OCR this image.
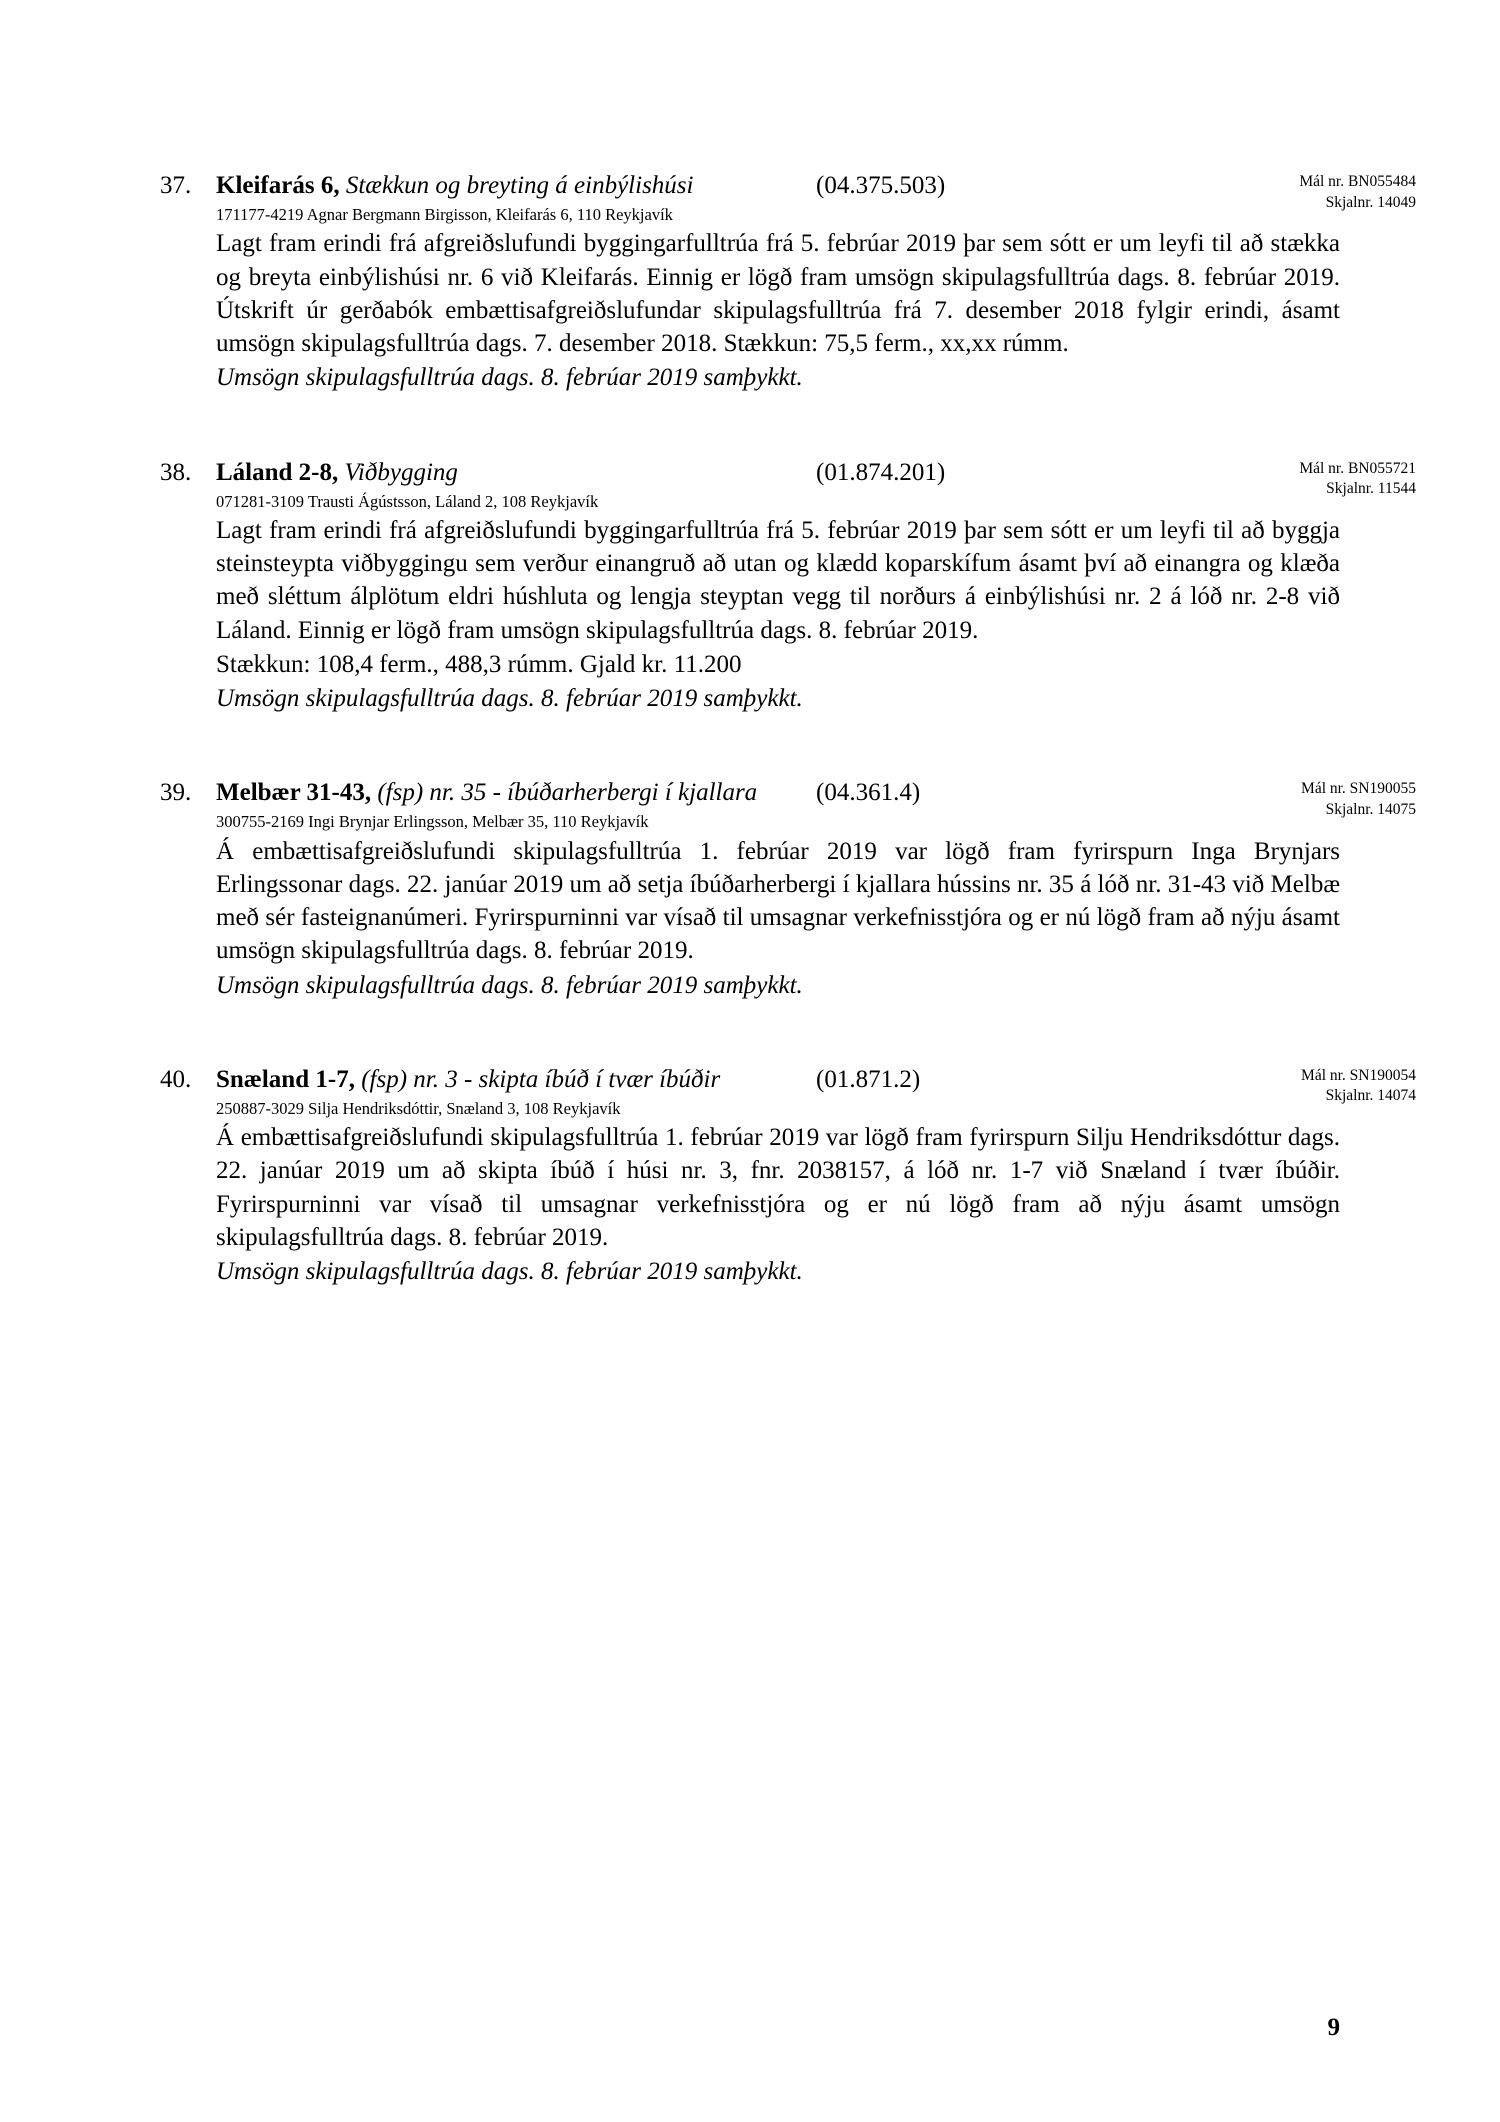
37. Kleifarás 6, Stækkun og breyting á einbýlishúsi	(04.375.503)	Mál nr. BN055484
Skjalnr. 14049
171177-4219 Agnar Bergmann Birgisson, Kleifarás 6, 110 Reykjavík
Lagt fram erindi frá afgreiðslufundi byggingarfulltrúa frá 5. febrúar 2019 þar sem sótt er um leyfi til að stækka og breyta einbýlishúsi nr. 6 við Kleifarás. Einnig er lögð fram umsögn skipulagsfulltrúa dags. 8. febrúar 2019. Útskrift úr gerðabók embættisafgreiðslufundar skipulagsfulltrúa frá 7. desember 2018 fylgir erindi, ásamt umsögn skipulagsfulltrúa dags. 7. desember 2018. Stækkun: 75,5 ferm., xx,xx rúmm.
Umsögn skipulagsfulltrúa dags. 8. febrúar 2019 samþykkt.
38. Láland 2-8, Viðbygging	(01.874.201)	Mál nr. BN055721
Skjalnr. 11544
071281-3109 Trausti Ágústsson, Láland 2, 108 Reykjavík
Lagt fram erindi frá afgreiðslufundi byggingarfulltrúa frá 5. febrúar 2019 þar sem sótt er um leyfi til að byggja steinsteypta viðbyggingu sem verður einangruð að utan og klædd koparskífum ásamt því að einangra og klæða með sléttum álplötum eldri húshluta og lengja steyptan vegg til norðurs á einbýlishúsi nr. 2 á lóð nr. 2-8 við Láland. Einnig er lögð fram umsögn skipulagsfulltrúa dags. 8. febrúar 2019.
Stækkun: 108,4 ferm., 488,3 rúmm. Gjald kr. 11.200
Umsögn skipulagsfulltrúa dags. 8. febrúar 2019 samþykkt.
39. Melbær 31-43, (fsp) nr. 35 - íbúðarherbergi í kjallara	(04.361.4)	Mál nr. SN190055
Skjalnr. 14075
300755-2169 Ingi Brynjar Erlingsson, Melbær 35, 110 Reykjavík
Á embættisafgreiðslufundi skipulagsfulltrúa 1. febrúar 2019 var lögð fram fyrirspurn Inga Brynjars Erlingssonar dags. 22. janúar 2019 um að setja íbúðarherbergi í kjallara hússins nr. 35 á lóð nr. 31-43 við Melbæ með sér fasteignanúmeri. Fyrirspurninni var vísað til umsagnar verkefnisstjóra og er nú lögð fram að nýju ásamt umsögn skipulagsfulltrúa dags. 8. febrúar 2019.
Umsögn skipulagsfulltrúa dags. 8. febrúar 2019 samþykkt.
40. Snæland 1-7, (fsp) nr. 3 - skipta íbúð í tvær íbúðir	(01.871.2)	Mál nr. SN190054
Skjalnr. 14074
250887-3029 Silja Hendriksdóttir, Snæland 3, 108 Reykjavík
Á embættisafgreiðslufundi skipulagsfulltrúa 1. febrúar 2019 var lögð fram fyrirspurn Silju Hendriksdóttur dags. 22. janúar 2019 um að skipta íbúð í húsi nr. 3, fnr. 2038157, á lóð nr. 1-7 við Snæland í tvær íbúðir. Fyrirspurninni var vísað til umsagnar verkefnisstjóra og er nú lögð fram að nýju ásamt umsögn skipulagsfulltrúa dags. 8. febrúar 2019.
Umsögn skipulagsfulltrúa dags. 8. febrúar 2019 samþykkt.
9
